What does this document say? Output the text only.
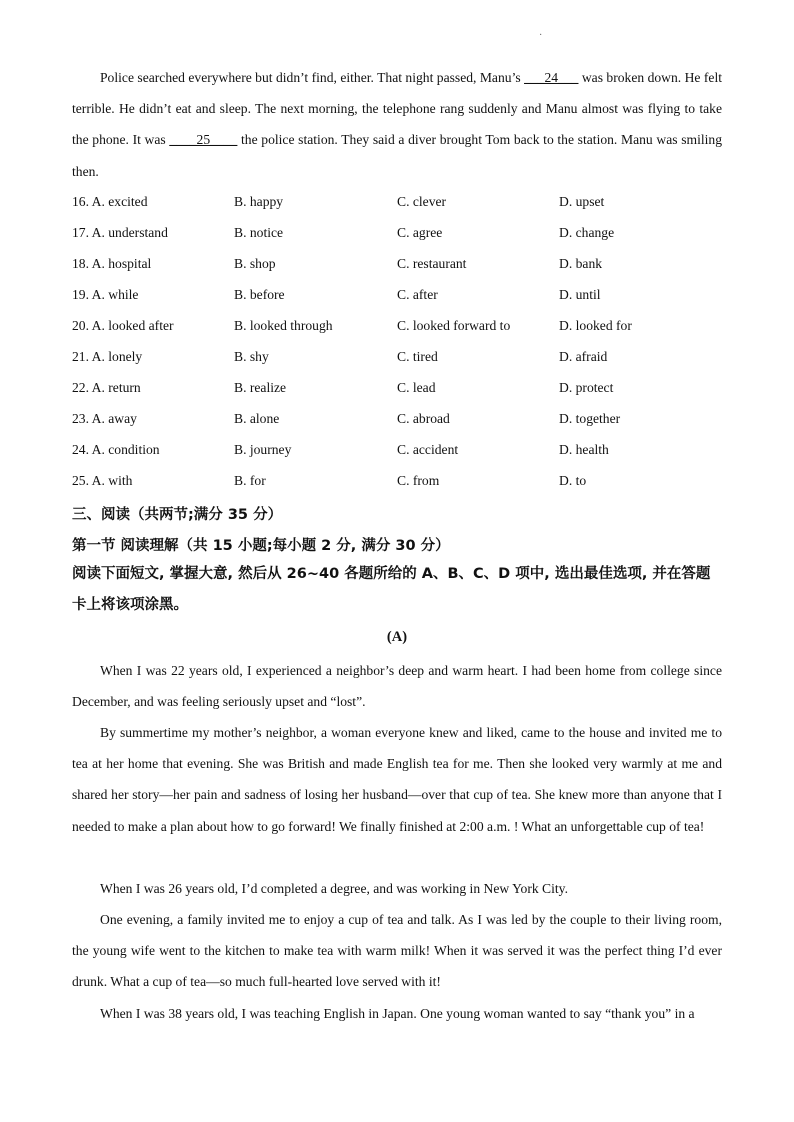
·

Police searched everywhere but didn’t find, either. That night passed, Manu’s ___24___ was broken down. He felt terrible. He didn’t eat and sleep. The next morning, the telephone rang suddenly and Manu almost was flying to take the phone. It was ____25____ the police station. They said a diver brought Tom back to the station. Manu was smiling then.

16. A. excited	B. happy	C. clever	D. upset
17. A. understand	B. notice	C. agree	D. change
18. A. hospital	B. shop	C. restaurant	D. bank
19. A. while	B. before	C. after	D. until
20. A. looked after	B. looked through	C. looked forward to	D. looked for
21. A. lonely	B. shy	C. tired	D. afraid
22. A. return	B. realize	C. lead	D. protect
23. A. away	B. alone	C. abroad	D. together
24. A. condition	B. journey	C. accident	D. health
25. A. with	B. for	C. from	D. to

三、阅读（共两节;满分 35 分）

第一节 阅读理解（共 15 小题;每小题 2 分, 满分 30 分）

阅读下面短文, 掌握大意, 然后从 26~40 各题所给的 A、B、C、D 项中, 选出最佳选项, 并在答题卡上将该项涂黑。

(A)

When I was 22 years old, I experienced a neighbor’s deep and warm heart. I had been home from college since December, and was feeling seriously upset and “lost”.

By summertime my mother’s neighbor, a woman everyone knew and liked, came to the house and invited me to tea at her home that evening. She was British and made English tea for me. Then she looked very warmly at me and shared her story—her pain and sadness of losing her husband—over that cup of tea. She knew more than anyone that I needed to make a plan about how to go forward! We finally finished at 2:00 a.m. ! What an unforgettable cup of tea!

When I was 26 years old, I’d completed a degree, and was working in New York City.

One evening, a family invited me to enjoy a cup of tea and talk. As I was led by the couple to their living room, the young wife went to the kitchen to make tea with warm milk! When it was served it was the perfect thing I’d ever drunk. What a cup of tea—so much full-hearted love served with it!

When I was 38 years old, I was teaching English in Japan. One young woman wanted to say “thank you” in a
